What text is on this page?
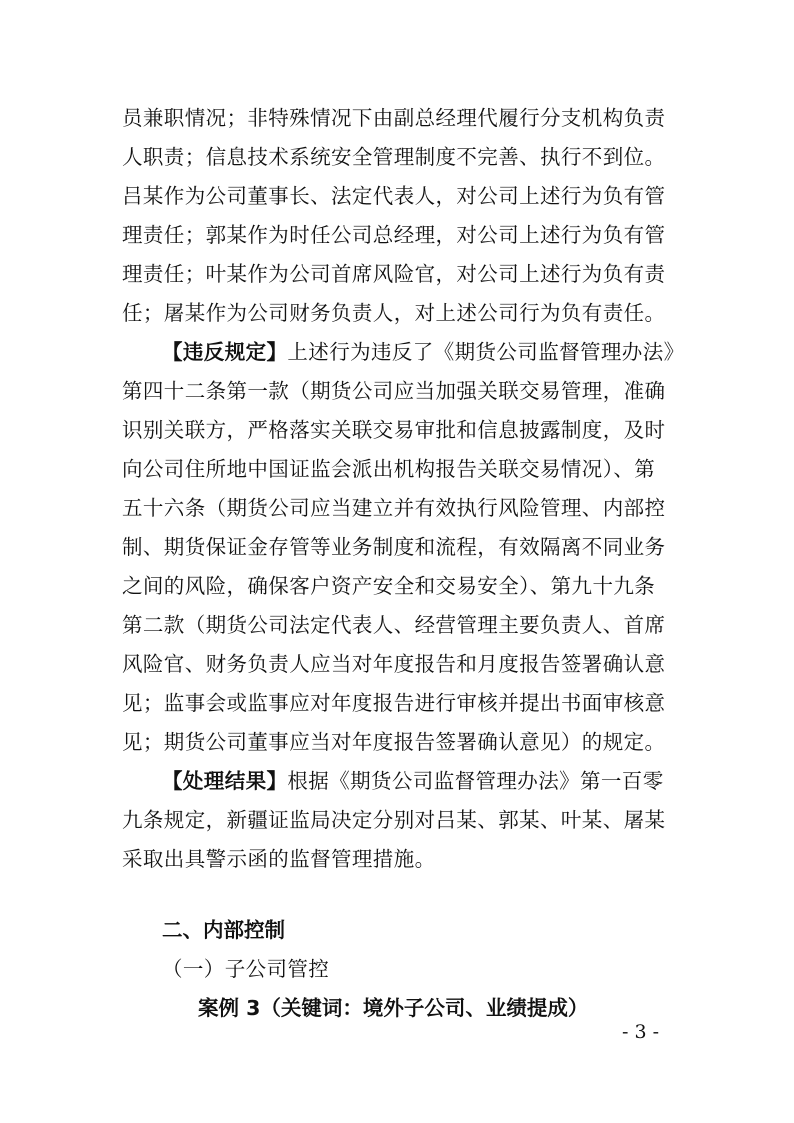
员兼职情况；非特殊情况下由副总经理代履行分支机构负责
人职责；信息技术系统安全管理制度不完善、执行不到位。
吕某作为公司董事长、法定代表人，对公司上述行为负有管
理责任；郭某作为时任公司总经理，对公司上述行为负有管
理责任；叶某作为公司首席风险官，对公司上述行为负有责
任；屠某作为公司财务负责人，对上述公司行为负有责任。
【违反规定】上述行为违反了《期货公司监督管理办法》
第四十二条第一款（期货公司应当加强关联交易管理，准确
识别关联方，严格落实关联交易审批和信息披露制度，及时
向公司住所地中国证监会派出机构报告关联交易情况）、第
五十六条（期货公司应当建立并有效执行风险管理、内部控
制、期货保证金存管等业务制度和流程，有效隔离不同业务
之间的风险，确保客户资产安全和交易安全）、第九十九条
第二款（期货公司法定代表人、经营管理主要负责人、首席
风险官、财务负责人应当对年度报告和月度报告签署确认意
见；监事会或监事应对年度报告进行审核并提出书面审核意
见；期货公司董事应当对年度报告签署确认意见）的规定。
【处理结果】根据《期货公司监督管理办法》第一百零
九条规定，新疆证监局决定分别对吕某、郭某、叶某、屠某
采取出具警示函的监督管理措施。
二、内部控制
（一）子公司管控
案例 3（关键词：境外子公司、业绩提成）
- 3 -
